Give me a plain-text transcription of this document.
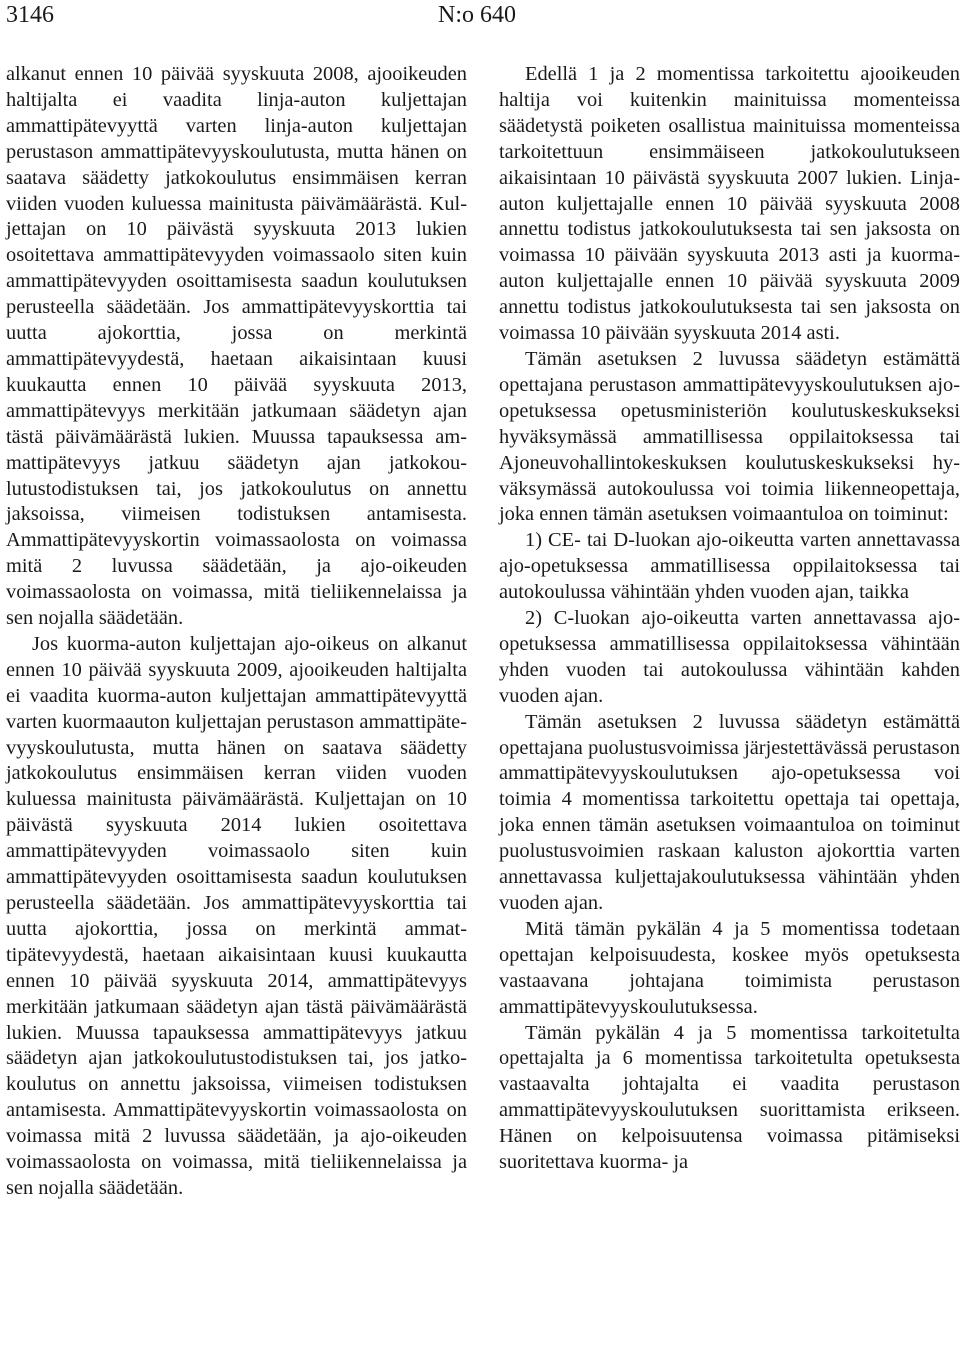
3146	N:o 640

alkanut ennen 10 päivää syyskuuta 2008, ajooikeuden haltijalta ei vaadita linja-auton kuljettajan ammattipätevyyttä varten linja-auton kuljettajan perustason ammattipätevyyskoulutusta, mutta hänen on saatava säädetty jatkokoulutus ensimmäisen kerran viiden vuoden kuluessa mainitusta päivämäärästä. Kuljettajan on 10 päivästä syyskuuta 2013 lukien osoitettava ammattipätevyyden voimassaolo siten kuin ammattipätevyyden osoittamisesta saadun koulutuksen perusteella säädetään. Jos ammattipätevyyskorttia tai uutta ajokorttia, jossa on merkintä ammattipätevyydestä, haetaan aikaisintaan kuusi kuukautta ennen 10 päivää syyskuuta 2013, ammattipätevyys merkitään jatkumaan säädetyn ajan tästä päivämäärästä lukien. Muussa tapauksessa ammattipätevyys jatkuu säädetyn ajan jatkokoulutustodistuksen tai, jos jatkokoulutus on annettu jaksoissa, viimeisen todistuksen antamisesta. Ammattipätevyyskortin voimassaolosta on voimassa mitä 2 luvussa säädetään, ja ajo-oikeuden voimassaolosta on voimassa, mitä tieliikennelaissa ja sen nojalla säädetään.

Jos kuorma-auton kuljettajan ajo-oikeus on alkanut ennen 10 päivää syyskuuta 2009, ajooikeuden haltijalta ei vaadita kuorma-auton kuljettajan ammattipätevyyttä varten kuormaauton kuljettajan perustason ammattipätevyyskoulutusta, mutta hänen on saatava säädetty jatkokoulutus ensimmäisen kerran viiden vuoden kuluessa mainitusta päivämäärästä. Kuljettajan on 10 päivästä syyskuuta 2014 lukien osoitettava ammattipätevyyden voimassaolo siten kuin ammattipätevyyden osoittamisesta saadun koulutuksen perusteella säädetään. Jos ammattipätevyyskorttia tai uutta ajokorttia, jossa on merkintä ammattipätevyydestä, haetaan aikaisintaan kuusi kuukautta ennen 10 päivää syyskuuta 2014, ammattipätevyys merkitään jatkumaan säädetyn ajan tästä päivämäärästä lukien. Muussa tapauksessa ammattipätevyys jatkuu säädetyn ajan jatkokoulutustodistuksen tai, jos jatkokoulutus on annettu jaksoissa, viimeisen todistuksen antamisesta. Ammattipätevyyskortin voimassaolosta on voimassa mitä 2 luvussa säädetään, ja ajo-oikeuden voimassaolosta on voimassa, mitä tieliikennelaissa ja sen nojalla säädetään.

Edellä 1 ja 2 momentissa tarkoitettu ajooikeuden haltija voi kuitenkin mainituissa momenteissa säädetystä poiketen osallistua mainituissa momenteissa tarkoitettuun ensimmäiseen jatkokoulutukseen aikaisintaan 10 päivästä syyskuuta 2007 lukien. Linja-auton kuljettajalle ennen 10 päivää syyskuuta 2008 annettu todistus jatkokoulutuksesta tai sen jaksosta on voimassa 10 päivään syyskuuta 2013 asti ja kuorma-auton kuljettajalle ennen 10 päivää syyskuuta 2009 annettu todistus jatkokoulutuksesta tai sen jaksosta on voimassa 10 päivään syyskuuta 2014 asti.

Tämän asetuksen 2 luvussa säädetyn estämättä opettajana perustason ammattipätevyyskoulutuksen ajo-opetuksessa opetusministeriön koulutuskeskukseksi hyväksymässä ammatillisessa oppilaitoksessa tai Ajoneuvohallintokeskuksen koulutuskeskukseksi hyväksymässä autokoulussa voi toimia liikenneopettaja, joka ennen tämän asetuksen voimaantuloa on toiminut:

1) CE- tai D-luokan ajo-oikeutta varten annettavassa ajo-opetuksessa ammatillisessa oppilaitoksessa tai autokoulussa vähintään yhden vuoden ajan, taikka

2) C-luokan ajo-oikeutta varten annettavassa ajo-opetuksessa ammatillisessa oppilaitoksessa vähintään yhden vuoden tai autokoulussa vähintään kahden vuoden ajan.

Tämän asetuksen 2 luvussa säädetyn estämättä opettajana puolustusvoimissa järjestettävässä perustason ammattipätevyyskoulutuksen ajo-opetuksessa voi toimia 4 momentissa tarkoitettu opettaja tai opettaja, joka ennen tämän asetuksen voimaantuloa on toiminut puolustusvoimien raskaan kaluston ajokorttia varten annettavassa kuljettajakoulutuksessa vähintään yhden vuoden ajan.

Mitä tämän pykälän 4 ja 5 momentissa todetaan opettajan kelpoisuudesta, koskee myös opetuksesta vastaavana johtajana toimimista perustason ammattipätevyyskoulutuksessa.

Tämän pykälän 4 ja 5 momentissa tarkoitetulta opettajalta ja 6 momentissa tarkoitetulta opetuksesta vastaavalta johtajalta ei vaadita perustason ammattipätevyyskoulutuksen suorittamista erikseen. Hänen on kelpoisuutensa voimassa pitämiseksi suoritettava kuorma- ja
